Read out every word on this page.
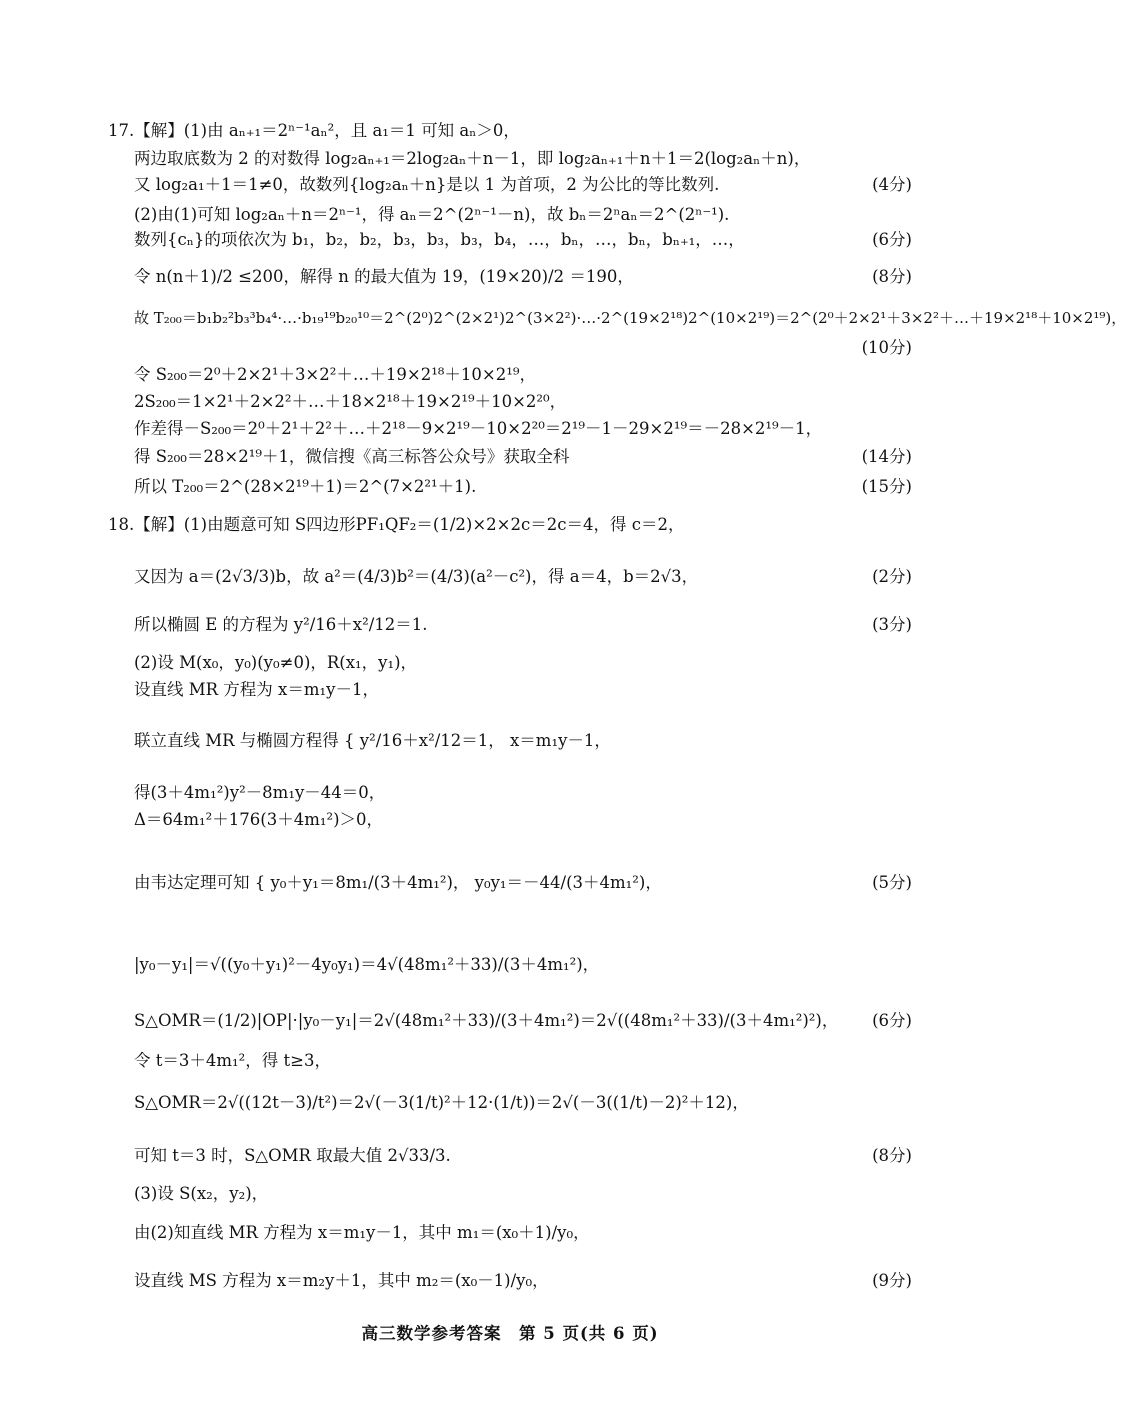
17.【解】(1)由 aₙ₊₁＝2ⁿ⁻¹aₙ²，且 a₁＝1 可知 aₙ＞0，
两边取底数为 2 的对数得 log₂aₙ₊₁＝2log₂aₙ＋n－1，即 log₂aₙ₊₁＋n＋1＝2(log₂aₙ＋n)，
又 log₂a₁＋1＝1≠0，故数列{log₂aₙ＋n}是以 1 为首项，2 为公比的等比数列.	(4分)
(2)由(1)可知 log₂aₙ＋n＝2ⁿ⁻¹，得 aₙ＝2^(2ⁿ⁻¹－n)，故 bₙ＝2ⁿaₙ＝2^(2ⁿ⁻¹).
数列{cₙ}的项依次为 b₁，b₂，b₂，b₃，b₃，b₃，b₄，…，bₙ，…，bₙ，bₙ₊₁，…，	(6分)
令 n(n＋1)/2 ≤200，解得 n 的最大值为 19，(19×20)/2 ＝190，	(8分)
故 T₂₀₀＝b₁b₂²b₃³b₄⁴·…·b₁₉¹⁹b₂₀¹⁰＝2^(2⁰)2^(2×2¹)2^(3×2²)·…·2^(19×2¹⁸)2^(10×2¹⁹)＝2^(2⁰＋2×2¹＋3×2²＋…＋19×2¹⁸＋10×2¹⁹)，
(10分)
令 S₂₀₀＝2⁰＋2×2¹＋3×2²＋…＋19×2¹⁸＋10×2¹⁹，
2S₂₀₀＝1×2¹＋2×2²＋…＋18×2¹⁸＋19×2¹⁹＋10×2²⁰，
作差得－S₂₀₀＝2⁰＋2¹＋2²＋…＋2¹⁸－9×2¹⁹－10×2²⁰＝2¹⁹－1－29×2¹⁹＝－28×2¹⁹－1，
得 S₂₀₀＝28×2¹⁹＋1，微信搜《高三标答公众号》获取全科	(14分)
所以 T₂₀₀＝2^(28×2¹⁹＋1)＝2^(7×2²¹＋1).	(15分)
18.【解】(1)由题意可知 S四边形PF₁QF₂＝(1/2)×2×2c＝2c＝4，得 c＝2，
又因为 a＝(2√3/3)b，故 a²＝(4/3)b²＝(4/3)(a²－c²)，得 a＝4，b＝2√3，	(2分)
所以椭圆 E 的方程为 y²/16＋x²/12＝1.	(3分)
(2)设 M(x₀，y₀)(y₀≠0)，R(x₁，y₁)，
设直线 MR 方程为 x＝m₁y－1，
联立直线 MR 与椭圆方程得 { y²/16＋x²/12＝1， x＝m₁y－1，
得(3＋4m₁²)y²－8m₁y－44＝0，
Δ＝64m₁²＋176(3＋4m₁²)＞0，
由韦达定理可知 { y₀＋y₁＝8m₁/(3＋4m₁²)， y₀y₁＝－44/(3＋4m₁²)，	(5分)
|y₀－y₁|＝√((y₀＋y₁)²－4y₀y₁)＝4√(48m₁²＋33)/(3＋4m₁²)，
S△OMR＝(1/2)|OP|·|y₀－y₁|＝2√(48m₁²＋33)/(3＋4m₁²)＝2√((48m₁²＋33)/(3＋4m₁²)²)， (6分)
令 t＝3＋4m₁²，得 t≥3，
S△OMR＝2√((12t－3)/t²)＝2√(－3(1/t)²＋12·(1/t))＝2√(－3((1/t)－2)²＋12)，
可知 t＝3 时，S△OMR 取最大值 2√33/3.	(8分)
(3)设 S(x₂，y₂)，
由(2)知直线 MR 方程为 x＝m₁y－1，其中 m₁＝(x₀＋1)/y₀，
设直线 MS 方程为 x＝m₂y＋1，其中 m₂＝(x₀－1)/y₀，	(9分)
高三数学参考答案　第 5 页(共 6 页)
